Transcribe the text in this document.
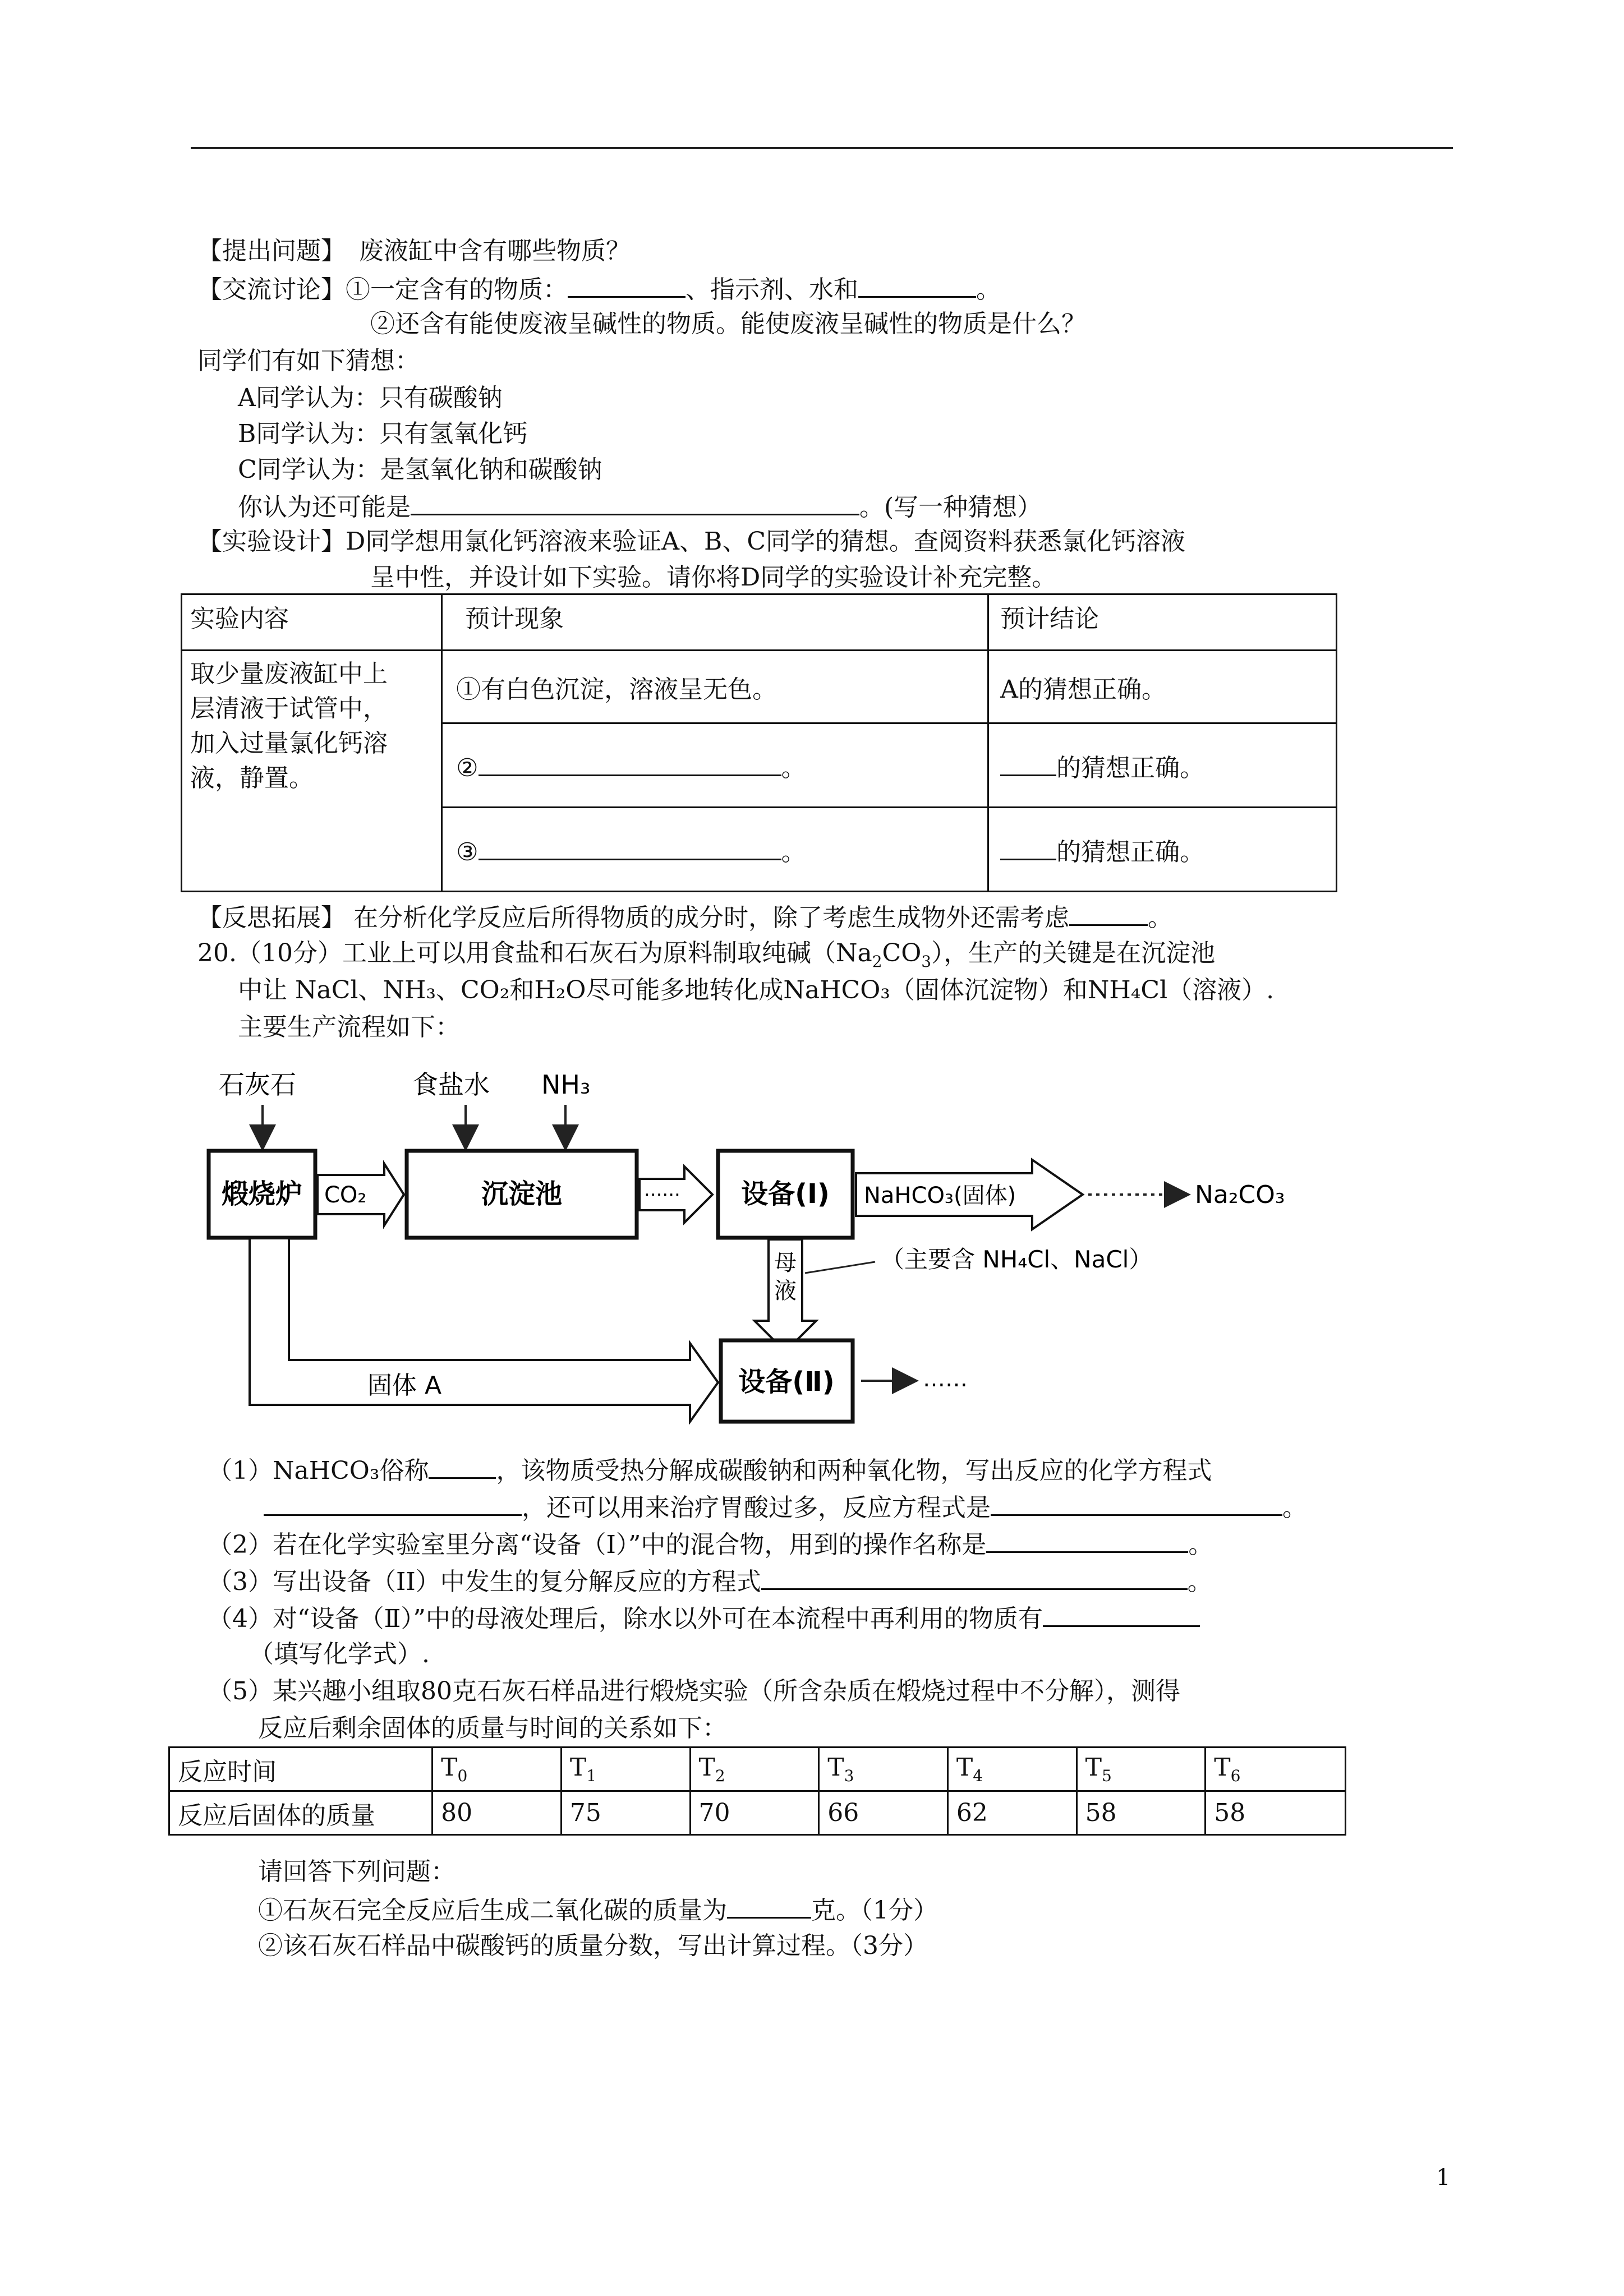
【提出问题】 废液缸中含有哪些物质？
【交流讨论】①一定含有的物质：	、指示剂、水和	。
②还含有能使废液呈碱性的物质。能使废液呈碱性的物质是什么？
同学们有如下猜想：
A同学认为：只有碳酸钠
B同学认为：只有氢氧化钙
C同学认为：是氢氧化钠和碳酸钠
你认为还可能是	。(写一种猜想）
【实验设计】D同学想用氯化钙溶液来验证A、B、C同学的猜想。查阅资料获悉氯化钙溶液
呈中性，并设计如下实验。请你将D同学的实验设计补充完整。
实验内容	预计现象	预计结论

取少量废液缸中上
层清液于试管中，
加入过量氯化钙溶
液，静置。	①有白色沉淀，溶液呈无色。	A的猜想正确。
	② 。	的猜想正确。
	③ 。	的猜想正确。
【反思拓展】 在分析化学反应后所得物质的成分时，除了考虑生成物外还需考虑	。
20.（10分）工业上可以用食盐和石灰石为原料制取纯碱$(Na_2CO_3)$，生产的关键是在沉淀池
中让 NaCl、NH₃、CO₂和H₂O尽可能多地转化成NaHCO₃（固体沉淀物）和NH₄Cl（溶液）.
主要生产流程如下：
石灰石	食盐水 NH₃
煅烧炉 CO₂	沉淀池	······ 设备(Ⅰ) NaHCO₃(固体)	Na₂CO₃
母
液
（主要含 NH₄Cl、NaCl）
固体 A	设备(Ⅱ)	……
（1）NaHCO₃俗称	，该物质受热分解成碳酸钠和两种氧化物，写出反应的化学方程式
，还可以用来治疗胃酸过多，反应方程式是	。
（2）若在化学实验室里分离“设备（I）”中的混合物，用到的操作名称是	。
（3）写出设备（II）中发生的复分解反应的方程式	。
（4）对“设备（Ⅱ）”中的母液处理后，除水以外可在本流程中再利用的物质有
（填写化学式）.
（5）某兴趣小组取80克石灰石样品进行煅烧实验（所含杂质在煅烧过程中不分解），测得
反应后剩余固体的质量与时间的关系如下：
反应时间	$T_0$	$T_1$	$T_2$	$T_3$	$T_4$	$T_5$	$T_6$
反应后固体的质量	80	75	70	66	62	58	58
请回答下列问题：
①石灰石完全反应后生成二氧化碳的质量为	克。（1分）
②该石灰石样品中碳酸钙的质量分数，写出计算过程。（3分）
1
